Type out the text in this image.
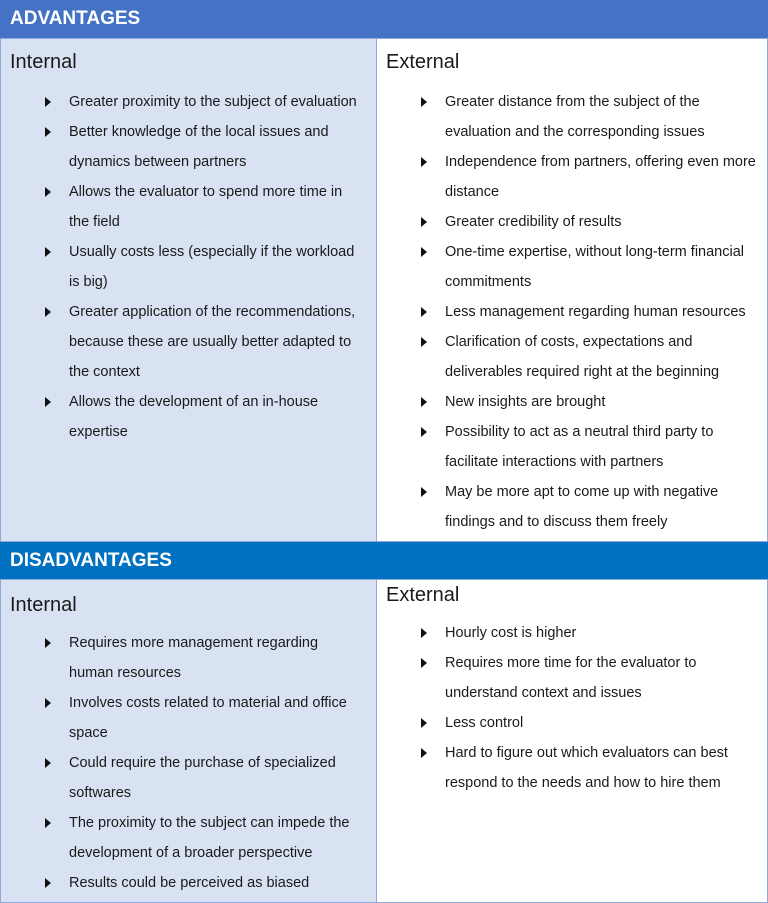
ADVANTAGES
Internal
Greater proximity to the subject of evaluation
Better knowledge of the local issues and dynamics between partners
Allows the evaluator to spend more time in the field
Usually costs less (especially if the workload is big)
Greater application of the recommendations, because these are usually better adapted to the context
Allows the development of an in-house expertise
External
Greater distance from the subject of the evaluation and the corresponding issues
Independence from partners, offering even more distance
Greater credibility of results
One-time expertise, without long-term financial commitments
Less management regarding human resources
Clarification of costs, expectations and deliverables required right at the beginning
New insights are brought
Possibility to act as a neutral third party to facilitate interactions with partners
May be more apt to come up with negative findings and to discuss them freely
DISADVANTAGES
Internal
Requires more management regarding human resources
Involves costs related to material and office space
Could require the purchase of specialized softwares
The proximity to the subject can impede the development of a broader perspective
Results could be perceived as biased
External
Hourly cost is higher
Requires more time for the evaluator to understand context and issues
Less control
Hard to figure out which evaluators can best respond to the needs and how to hire them
